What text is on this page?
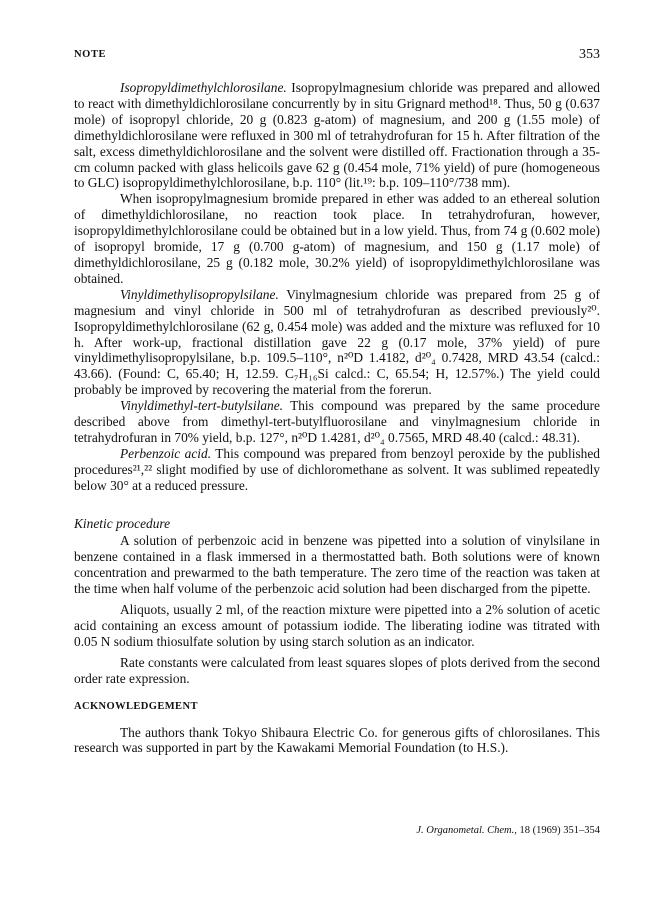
NOTE	353

Isopropyldimethylchlorosilane. Isopropylmagnesium chloride was prepared and allowed to react with dimethyldichlorosilane concurrently by in situ Grignard method¹⁸. Thus, 50 g (0.637 mole) of isopropyl chloride, 20 g (0.823 g-atom) of magnesium, and 200 g (1.55 mole) of dimethyldichlorosilane were refluxed in 300 ml of tetrahydrofuran for 15 h. After filtration of the salt, excess dimethyldichlorosilane and the solvent were distilled off. Fractionation through a 35-cm column packed with glass helicoils gave 62 g (0.454 mole, 71% yield) of pure (homogeneous to GLC) isopropyldimethylchlorosilane, b.p. 110° (lit.¹⁹: b.p. 109–110°/738 mm).

When isopropylmagnesium bromide prepared in ether was added to an ethereal solution of dimethyldichlorosilane, no reaction took place. In tetrahydrofuran, however, isopropyldimethylchlorosilane could be obtained but in a low yield. Thus, from 74 g (0.602 mole) of isopropyl bromide, 17 g (0.700 g-atom) of magnesium, and 150 g (1.17 mole) of dimethyldichlorosilane, 25 g (0.182 mole, 30.2% yield) of isopropyldimethylchlorosilane was obtained.

Vinyldimethylisopropylsilane. Vinylmagnesium chloride was prepared from 25 g of magnesium and vinyl chloride in 500 ml of tetrahydrofuran as described previously²⁰. Isopropyldimethylchlorosilane (62 g, 0.454 mole) was added and the mixture was refluxed for 10 h. After work-up, fractional distillation gave 22 g (0.17 mole, 37% yield) of pure vinyldimethylisopropylsilane, b.p. 109.5–110°, n²⁰D 1.4182, d²⁰₄ 0.7428, MRD 43.54 (calcd.: 43.66). (Found: C, 65.40; H, 12.59. C₇H₁₆Si calcd.: C, 65.54; H, 12.57%.) The yield could probably be improved by recovering the material from the forerun.

Vinyldimethyl-tert-butylsilane. This compound was prepared by the same procedure described above from dimethyl-tert-butylfluorosilane and vinylmagnesium chloride in tetrahydrofuran in 70% yield, b.p. 127°, n²⁰D 1.4281, d²⁰₄ 0.7565, MRD 48.40 (calcd.: 48.31).

Perbenzoic acid. This compound was prepared from benzoyl peroxide by the published procedures²¹,²² slight modified by use of dichloromethane as solvent. It was sublimed repeatedly below 30° at a reduced pressure.

Kinetic procedure

A solution of perbenzoic acid in benzene was pipetted into a solution of vinylsilane in benzene contained in a flask immersed in a thermostatted bath. Both solutions were of known concentration and prewarmed to the bath temperature. The zero time of the reaction was taken at the time when half volume of the perbenzoic acid solution had been discharged from the pipette.

Aliquots, usually 2 ml, of the reaction mixture were pipetted into a 2% solution of acetic acid containing an excess amount of potassium iodide. The liberating iodine was titrated with 0.05 N sodium thiosulfate solution by using starch solution as an indicator.

Rate constants were calculated from least squares slopes of plots derived from the second order rate expression.

ACKNOWLEDGEMENT

The authors thank Tokyo Shibaura Electric Co. for generous gifts of chlorosilanes. This research was supported in part by the Kawakami Memorial Foundation (to H.S.).

J. Organometal. Chem., 18 (1969) 351–354
